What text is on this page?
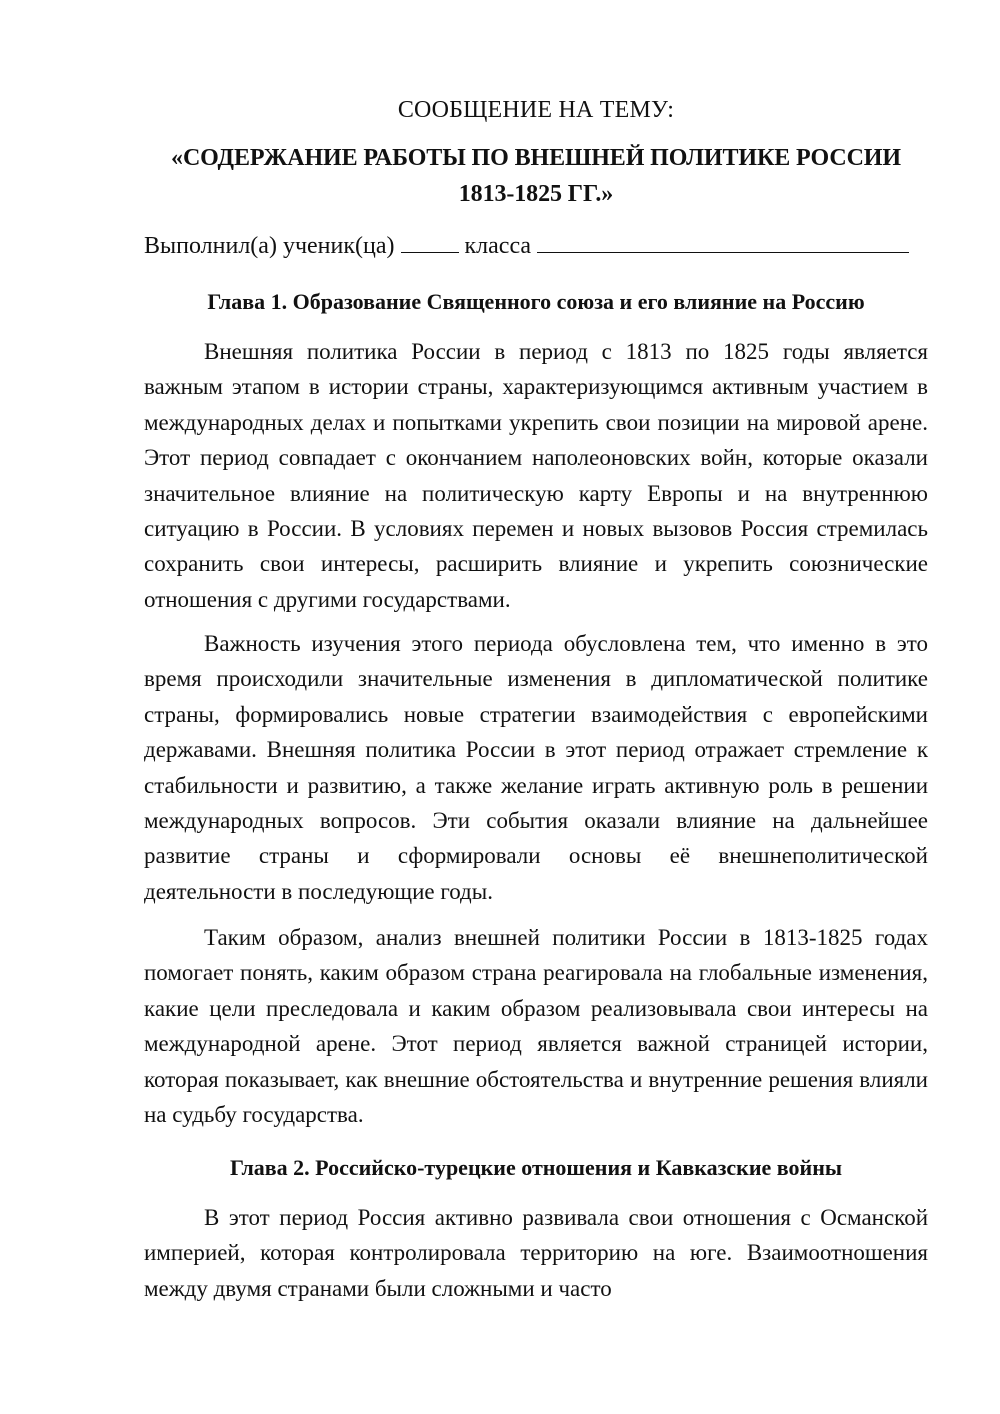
СООБЩЕНИЕ НА ТЕМУ:
«СОДЕРЖАНИЕ РАБОТЫ ПО ВНЕШНЕЙ ПОЛИТИКЕ РОССИИ 1813-1825 ГГ.»
Выполнил(а) ученик(ца)	класса
Глава 1. Образование Священного союза и его влияние на Россию

Внешняя политика России в период с 1813 по 1825 годы является важным этапом в истории страны, характеризующимся активным участием в международных делах и попытками укрепить свои позиции на мировой арене. Этот период совпадает с окончанием наполеоновских войн, которые оказали значительное влияние на политическую карту Европы и на внутреннюю ситуацию в России. В условиях перемен и новых вызовов Россия стремилась сохранить свои интересы, расширить влияние и укрепить союзнические отношения с другими государствами.

Важность изучения этого периода обусловлена тем, что именно в это время происходили значительные изменения в дипломатической политике страны, формировались новые стратегии взаимодействия с европейскими державами. Внешняя политика России в этот период отражает стремление к стабильности и развитию, а также желание играть активную роль в решении международных вопросов. Эти события оказали влияние на дальнейшее развитие страны и сформировали основы её внешнеполитической деятельности в последующие годы.

Таким образом, анализ внешней политики России в 1813-1825 годах помогает понять, каким образом страна реагировала на глобальные изменения, какие цели преследовала и каким образом реализовывала свои интересы на международной арене. Этот период является важной страницей истории, которая показывает, как внешние обстоятельства и внутренние решения влияли на судьбу государства.

Глава 2. Российско-турецкие отношения и Кавказские войны

В этот период Россия активно развивала свои отношения с Османской империей, которая контролировала территорию на юге. Взаимоотношения между двумя странами были сложными и часто
